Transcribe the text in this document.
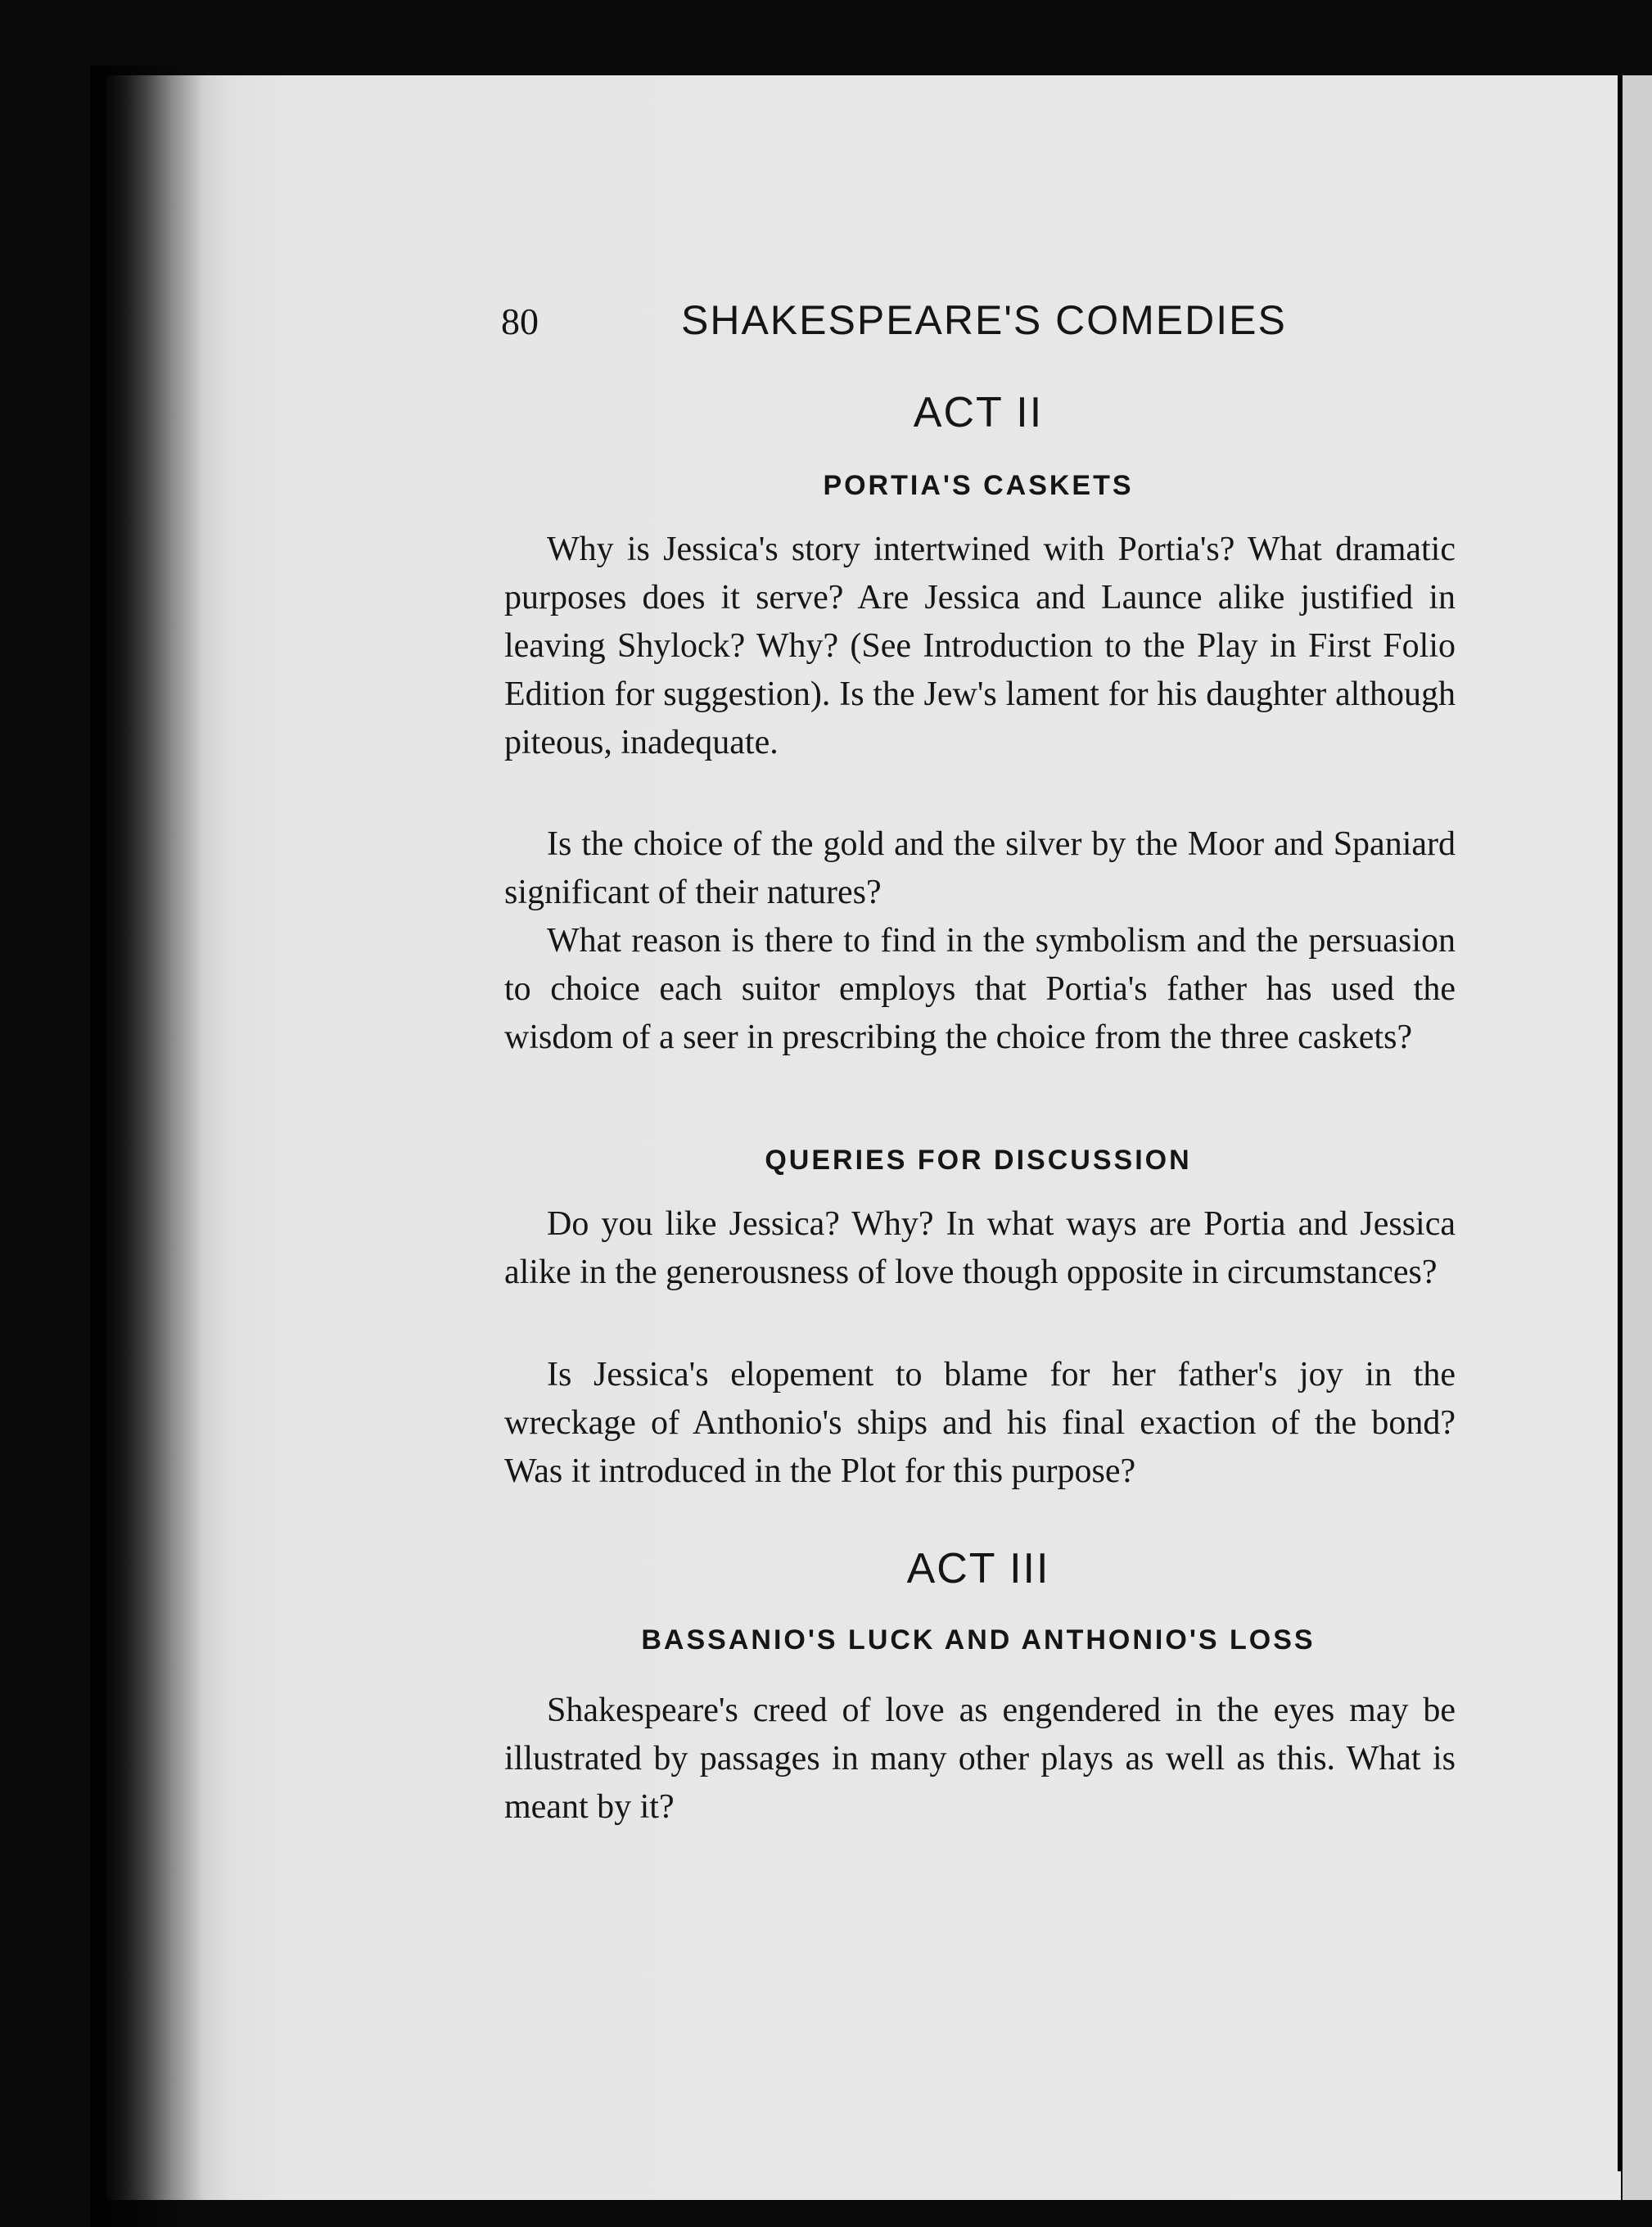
80	SHAKESPEARE'S COMEDIES
ACT II
PORTIA'S CASKETS

Why is Jessica's story intertwined with Portia's? What dramatic purposes does it serve? Are Jessica and Launce alike justified in leaving Shylock? Why? (See Introduction to the Play in First Folio Edition for suggestion). Is the Jew's lament for his daughter although piteous, inadequate.

Is the choice of the gold and the silver by the Moor and Spaniard significant of their natures?

What reason is there to find in the symbolism and the persuasion to choice each suitor employs that Portia's father has used the wisdom of a seer in prescribing the choice from the three caskets?

QUERIES FOR DISCUSSION

Do you like Jessica? Why? In what ways are Portia and Jessica alike in the generousness of love though opposite in circumstances?

Is Jessica's elopement to blame for her father's joy in the wreckage of Anthonio's ships and his final exaction of the bond? Was it introduced in the Plot for this purpose?

ACT III
BASSANIO'S LUCK AND ANTHONIO'S LOSS

Shakespeare's creed of love as engendered in the eyes may be illustrated by passages in many other plays as well as this. What is meant by it?
